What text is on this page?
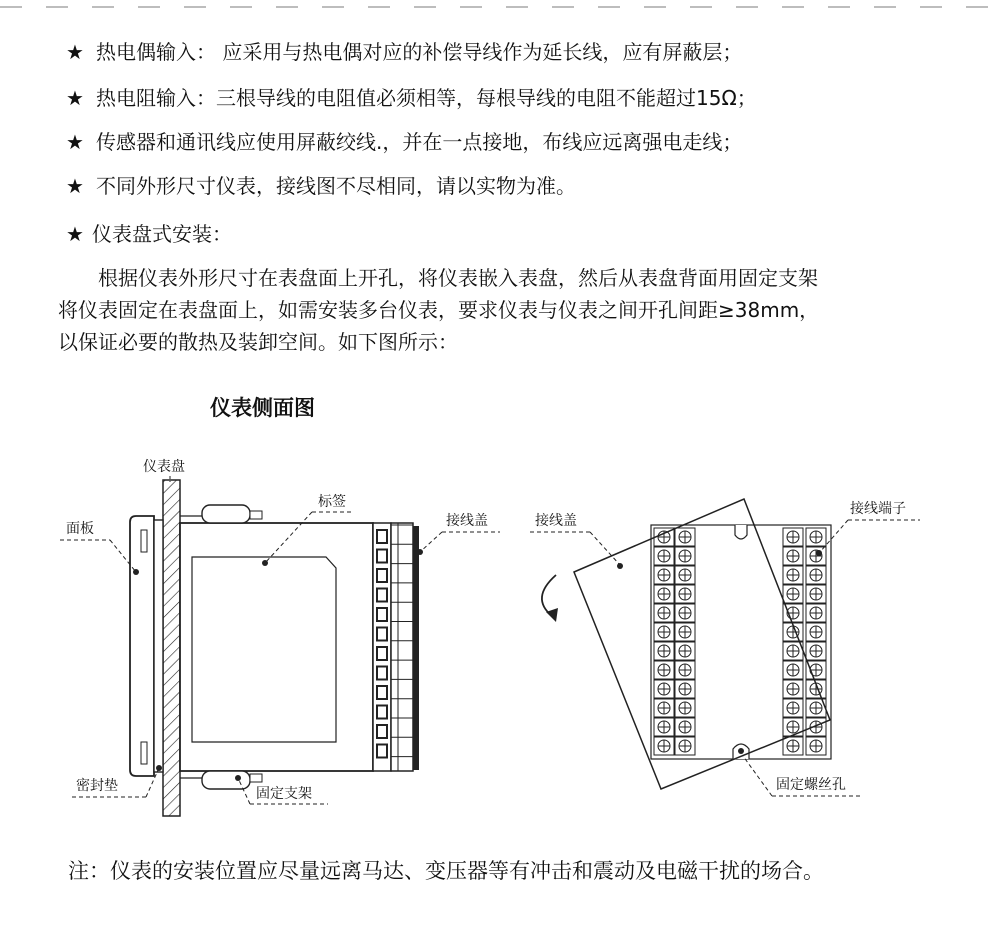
★ 热电偶输入： 应采用与热电偶对应的补偿导线作为延长线，应有屏蔽层；
★ 热电阻输入：三根导线的电阻值必须相等，每根导线的电阻不能超过15Ω；
★ 传感器和通讯线应使用屏蔽绞线.，并在一点接地，布线应远离强电走线；
★ 不同外形尺寸仪表，接线图不尽相同，请以实物为准。
★ 仪表盘式安装：

　　根据仪表外形尺寸在表盘面上开孔，将仪表嵌入表盘，然后从表盘背面用固定支架

将仪表固定在表盘面上，如需安装多台仪表，要求仪表与仪表之间开孔间距≥38mm，

以保证必要的散热及装卸空间。如下图所示：

仪表侧面图
仪表盘
面板
标签
接线盖
密封垫	固定支架
接线盖
接线端子
固定螺丝孔
注：仪表的安装位置应尽量远离马达、变压器等有冲击和震动及电磁干扰的场合。
